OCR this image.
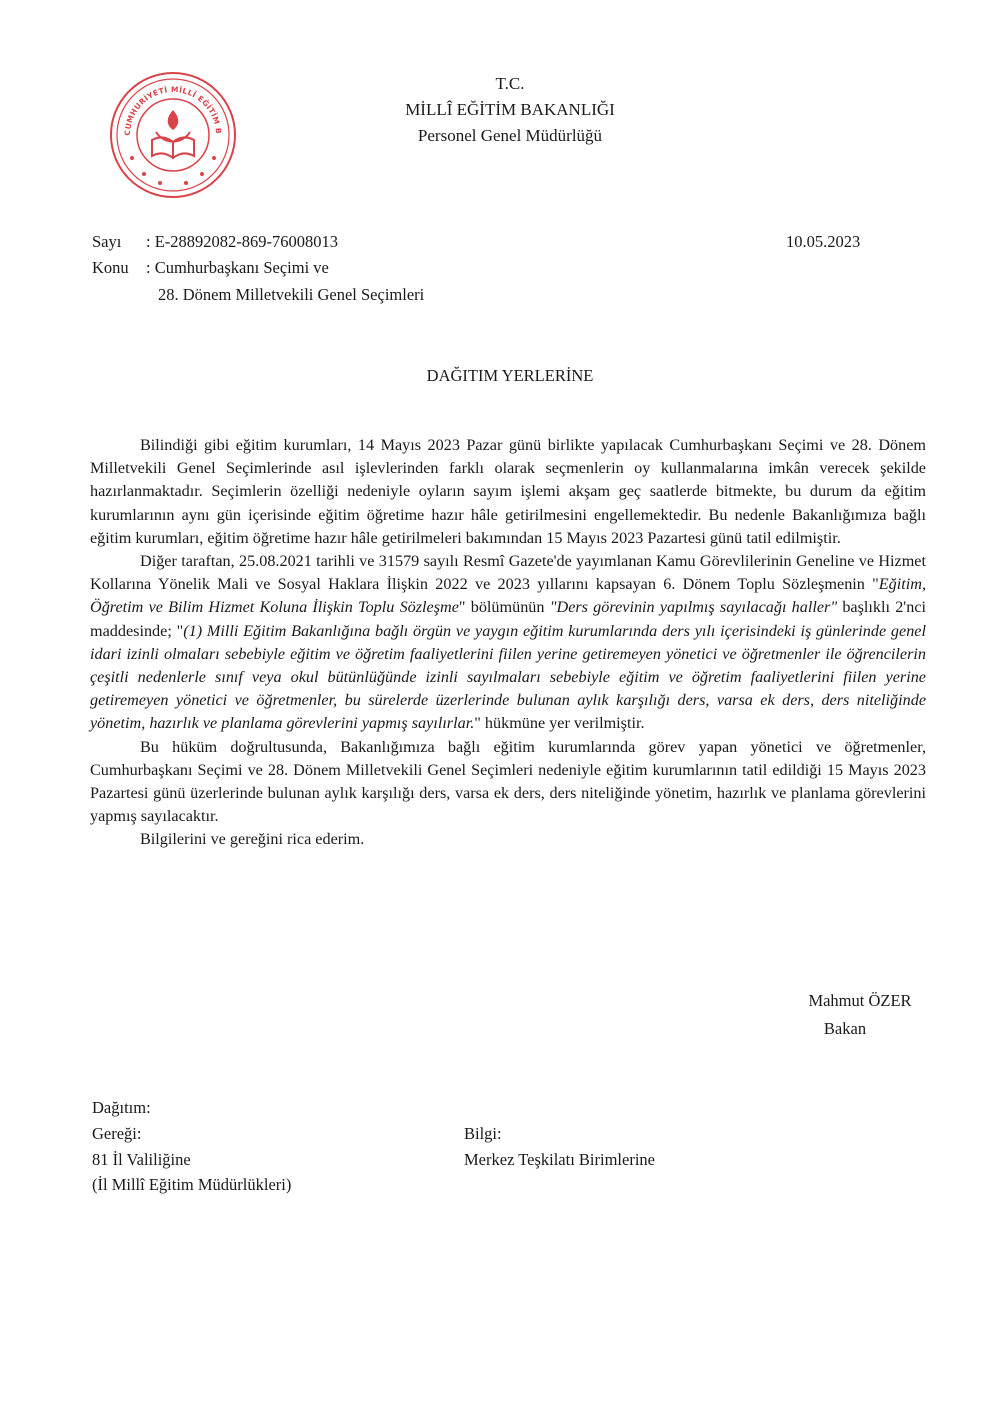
CUMHURİYETİ MİLLÎ EĞİTİM B
T.C.
MİLLÎ EĞİTİM BAKANLIĞI
Personel Genel Müdürlüğü
Sayı : E-28892082-869-76008013	10.05.2023
Konu : Cumhurbaşkanı Seçimi ve
28. Dönem Milletvekili Genel Seçimleri
DAĞITIM YERLERİNE

Bilindiği gibi eğitim kurumları, 14 Mayıs 2023 Pazar günü birlikte yapılacak Cumhurbaşkanı Seçimi ve 28. Dönem Milletvekili Genel Seçimlerinde asıl işlevlerinden farklı olarak seçmenlerin oy kullanmalarına imkân verecek şekilde hazırlanmaktadır. Seçimlerin özelliği nedeniyle oyların sayım işlemi akşam geç saatlerde bitmekte, bu durum da eğitim kurumlarının aynı gün içerisinde eğitim öğretime hazır hâle getirilmesini engellemektedir. Bu nedenle Bakanlığımıza bağlı eğitim kurumları, eğitim öğretime hazır hâle getirilmeleri bakımından 15 Mayıs 2023 Pazartesi günü tatil edilmiştir.

Diğer taraftan, 25.08.2021 tarihli ve 31579 sayılı Resmî Gazete'de yayımlanan Kamu Görevlilerinin Geneline ve Hizmet Kollarına Yönelik Mali ve Sosyal Haklara İlişkin 2022 ve 2023 yıllarını kapsayan 6. Dönem Toplu Sözleşmenin "Eğitim, Öğretim ve Bilim Hizmet Koluna İlişkin Toplu Sözleşme" bölümünün "Ders görevinin yapılmış sayılacağı haller" başlıklı 2'nci maddesinde; "(1) Milli Eğitim Bakanlığına bağlı örgün ve yaygın eğitim kurumlarında ders yılı içerisindeki iş günlerinde genel idari izinli olmaları sebebiyle eğitim ve öğretim faaliyetlerini fiilen yerine getiremeyen yönetici ve öğretmenler ile öğrencilerin çeşitli nedenlerle sınıf veya okul bütünlüğünde izinli sayılmaları sebebiyle eğitim ve öğretim faaliyetlerini fiilen yerine getiremeyen yönetici ve öğretmenler, bu sürelerde üzerlerinde bulunan aylık karşılığı ders, varsa ek ders, ders niteliğinde yönetim, hazırlık ve planlama görevlerini yapmış sayılırlar." hükmüne yer verilmiştir.

Bu hüküm doğrultusunda, Bakanlığımıza bağlı eğitim kurumlarında görev yapan yönetici ve öğretmenler, Cumhurbaşkanı Seçimi ve 28. Dönem Milletvekili Genel Seçimleri nedeniyle eğitim kurumlarının tatil edildiği 15 Mayıs 2023 Pazartesi günü üzerlerinde bulunan aylık karşılığı ders, varsa ek ders, ders niteliğinde yönetim, hazırlık ve planlama görevlerini yapmış sayılacaktır.

Bilgilerini ve gereğini rica ederim.

Mahmut ÖZER
Bakan
Dağıtım:
Gereği:
81 İl Valiliğine
(İl Millî Eğitim Müdürlükleri)
Bilgi:
Merkez Teşkilatı Birimlerine
